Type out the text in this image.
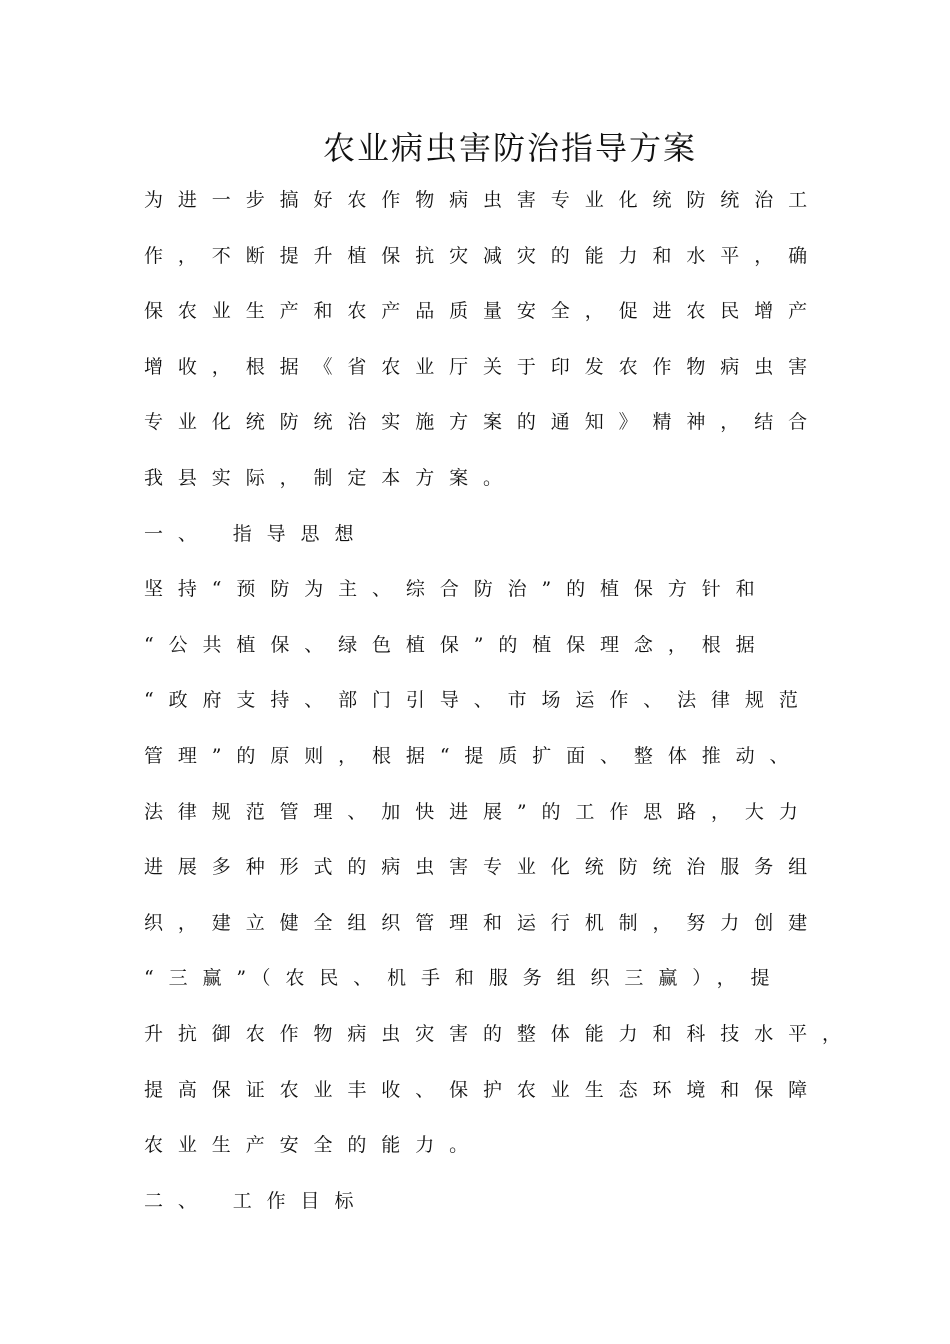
农业病虫害防治指导方案
为进一步搞好农作物病虫害专业化统防统治工
作，不断提升植保抗灾减灾的能力和水平，确
保农业生产和农产品质量安全，促进农民增产
增收，根据《省农业厅关于印发农作物病虫害
专业化统防统治实施方案的通知》精神，结合
我县实际，制定本方案。
一、 指导思想
坚持“预防为主、综合防治”的植保方针和
“公共植保、绿色植保”的植保理念，根据
“政府支持、部门引导、市场运作、法律规范
管理”的原则，根据“提质扩面、整体推动、
法律规范管理、加快进展”的工作思路，大力
进展多种形式的病虫害专业化统防统治服务组
织，建立健全组织管理和运行机制，努力创建
“三赢”（农民、机手和服务组织三赢），提
升抗御农作物病虫灾害的整体能力和科技水平，
提高保证农业丰收、保护农业生态环境和保障
农业生产安全的能力。
二、 工作目标
